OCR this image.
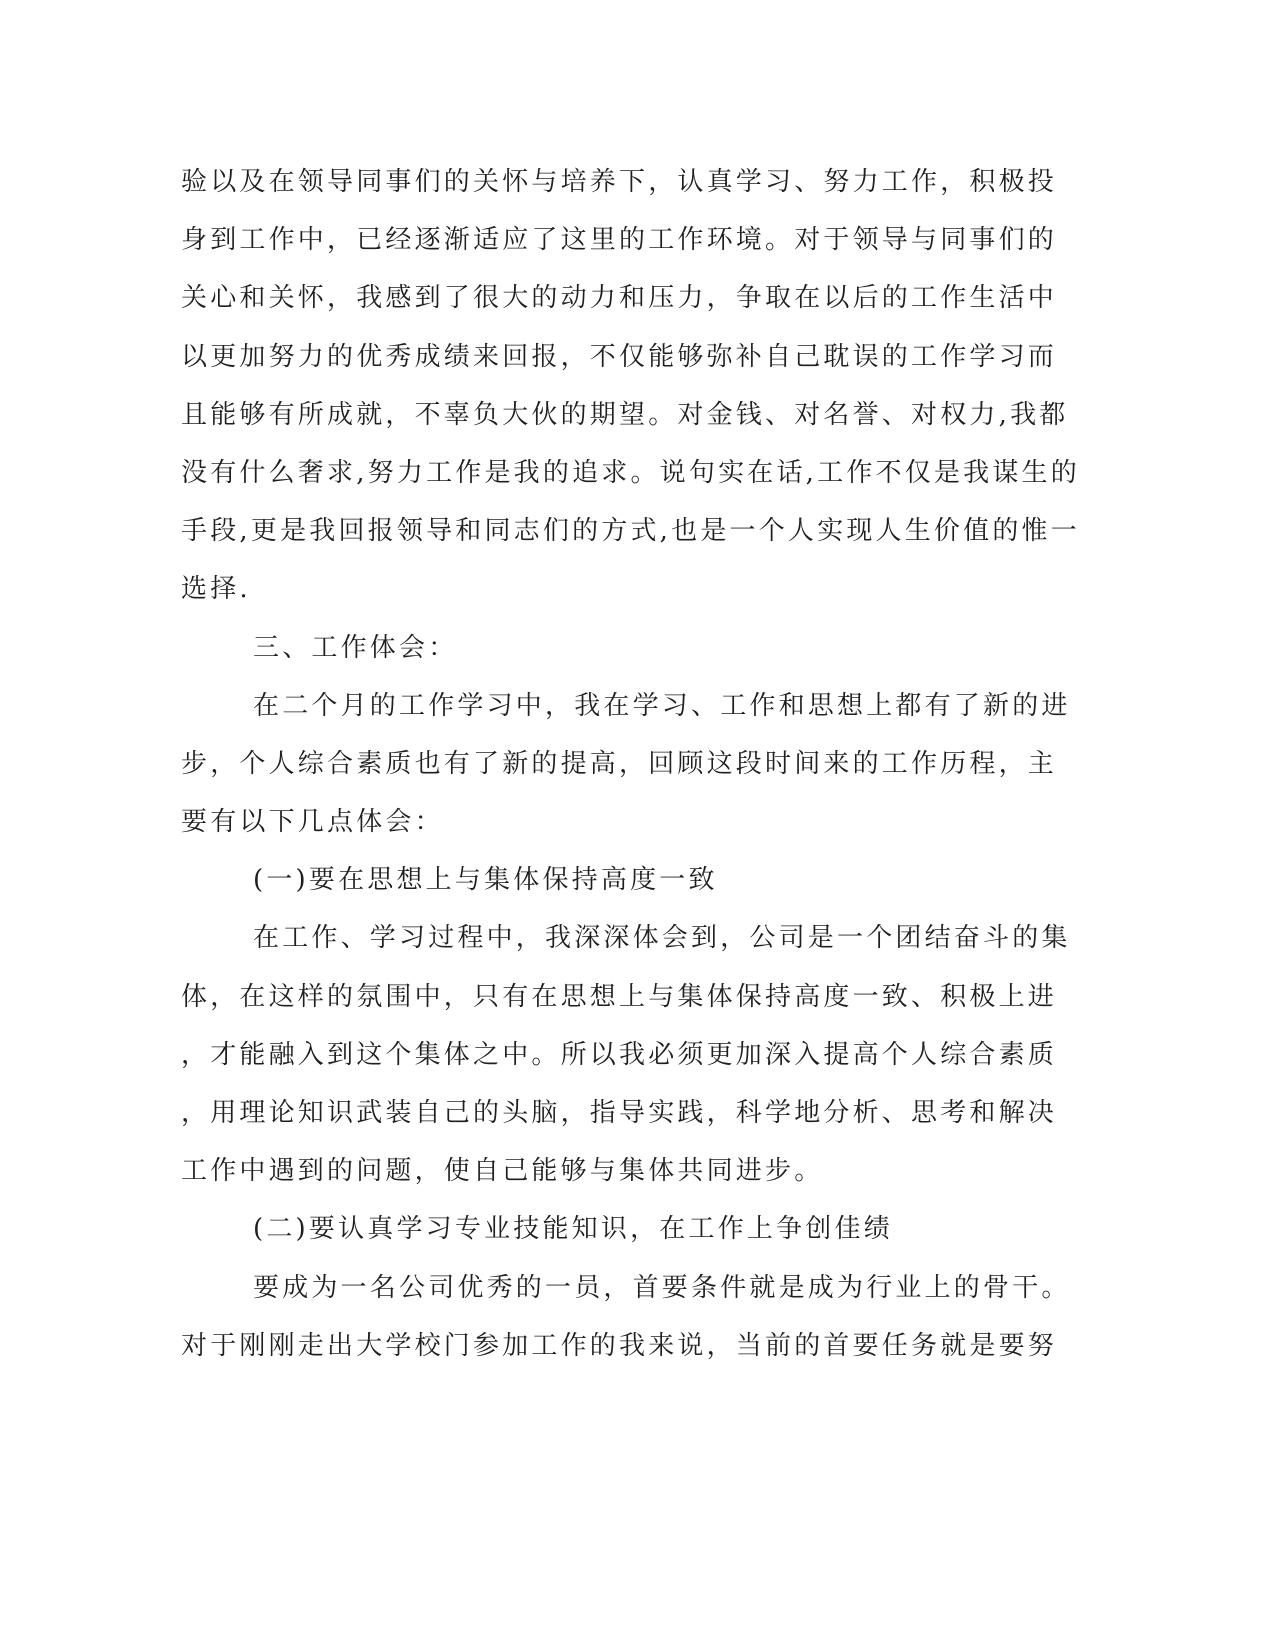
验以及在领导同事们的关怀与培养下，认真学习、努力工作，积极投
身到工作中，已经逐渐适应了这里的工作环境。对于领导与同事们的
关心和关怀，我感到了很大的动力和压力，争取在以后的工作生活中
以更加努力的优秀成绩来回报，不仅能够弥补自己耽误的工作学习而
且能够有所成就，不辜负大伙的期望。对金钱、对名誉、对权力,我都
没有什么奢求,努力工作是我的追求。说句实在话,工作不仅是我谋生的
手段,更是我回报领导和同志们的方式,也是一个人实现人生价值的惟一
选择.
三、工作体会：
在二个月的工作学习中，我在学习、工作和思想上都有了新的进
步，个人综合素质也有了新的提高，回顾这段时间来的工作历程，主
要有以下几点体会：
(一)要在思想上与集体保持高度一致
在工作、学习过程中，我深深体会到，公司是一个团结奋斗的集
体，在这样的氛围中，只有在思想上与集体保持高度一致、积极上进
，才能融入到这个集体之中。所以我必须更加深入提高个人综合素质
，用理论知识武装自己的头脑，指导实践，科学地分析、思考和解决
工作中遇到的问题，使自己能够与集体共同进步。
(二)要认真学习专业技能知识，在工作上争创佳绩
要成为一名公司优秀的一员，首要条件就是成为行业上的骨干。
对于刚刚走出大学校门参加工作的我来说，当前的首要任务就是要努
